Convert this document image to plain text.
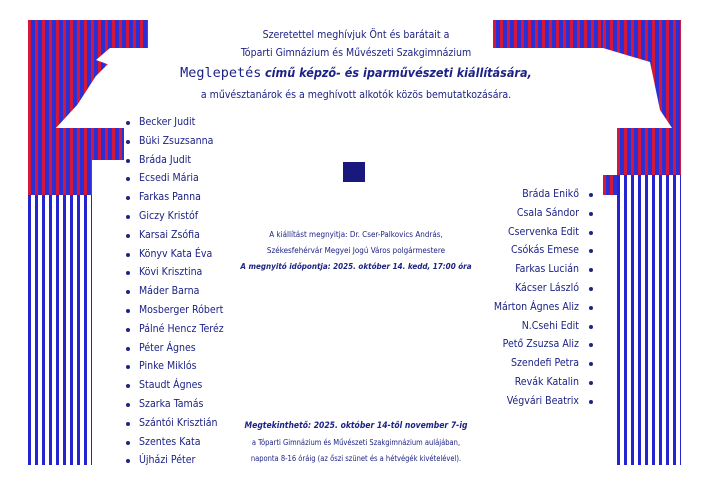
Szeretettel meghívjuk Önt és barátait a
Tóparti Gimnázium és Művészeti Szakgimnázium
Meglepetés című képző- és iparművészeti kiállítására,
a művésztanárok és a meghívott alkotók közös bemutatkozására.
Becker Judit
Büki Zsuzsanna
Bráda Judit
Ecsedi Mária
Farkas Panna
Giczy Kristóf
Karsai Zsófia
Könyv Kata Éva
Kövi Krisztina
Máder Barna
Mosberger Róbert
Pálné Hencz Teréz
Péter Ágnes
Pinke Miklós
Staudt Ágnes
Szarka Tamás
Szántói Krisztián
Szentes Kata
Újházi Péter
A kiállítást megnyitja: Dr. Cser-Palkovics András,
Székesfehérvár Megyei Jogú Város polgármestere
A megnyitó időpontja: 2025. október 14. kedd, 17:00 óra
Bráda Enikő
Csala Sándor
Cservenka Edit
Csókás Emese
Farkas Lucián
Kácser László
Márton Ágnes Aliz
N.Csehi Edit
Pető Zsuzsa Aliz
Szendefi Petra
Revák Katalin
Végvári Beatrix
Megtekinthető: 2025. október 14-től november 7-ig
a Tóparti Gimnázium és Művészeti Szakgimnázium aulájában,
naponta 8-16 óráig (az őszi szünet és a hétvégék kivételével).
